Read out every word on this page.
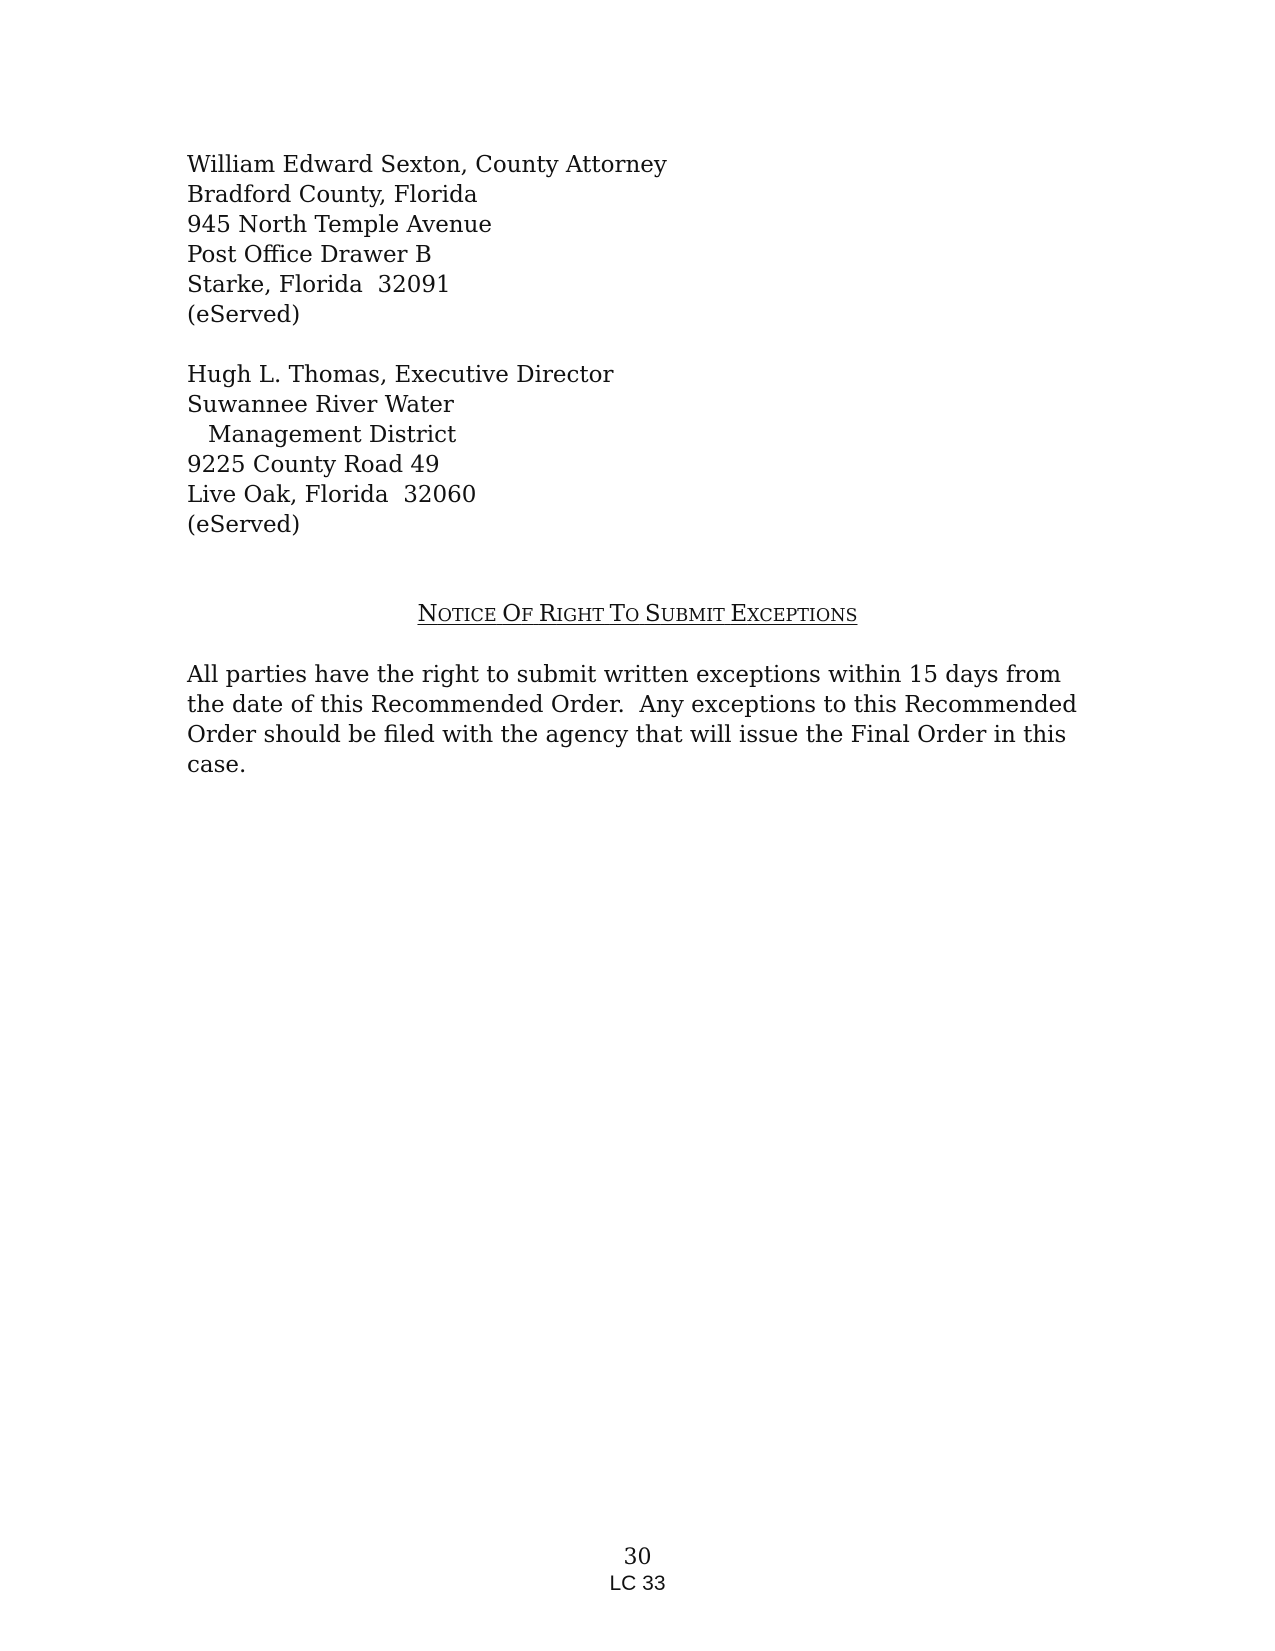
William Edward Sexton, County Attorney
Bradford County, Florida
945 North Temple Avenue
Post Office Drawer B
Starke, Florida  32091
(eServed)
Hugh L. Thomas, Executive Director
Suwannee River Water
Management District
9225 County Road 49
Live Oak, Florida  32060
(eServed)
NOTICE OF RIGHT TO SUBMIT EXCEPTIONS
All parties have the right to submit written exceptions within 15 days from
the date of this Recommended Order.  Any exceptions to this Recommended
Order should be filed with the agency that will issue the Final Order in this
case.
30
LC 33
